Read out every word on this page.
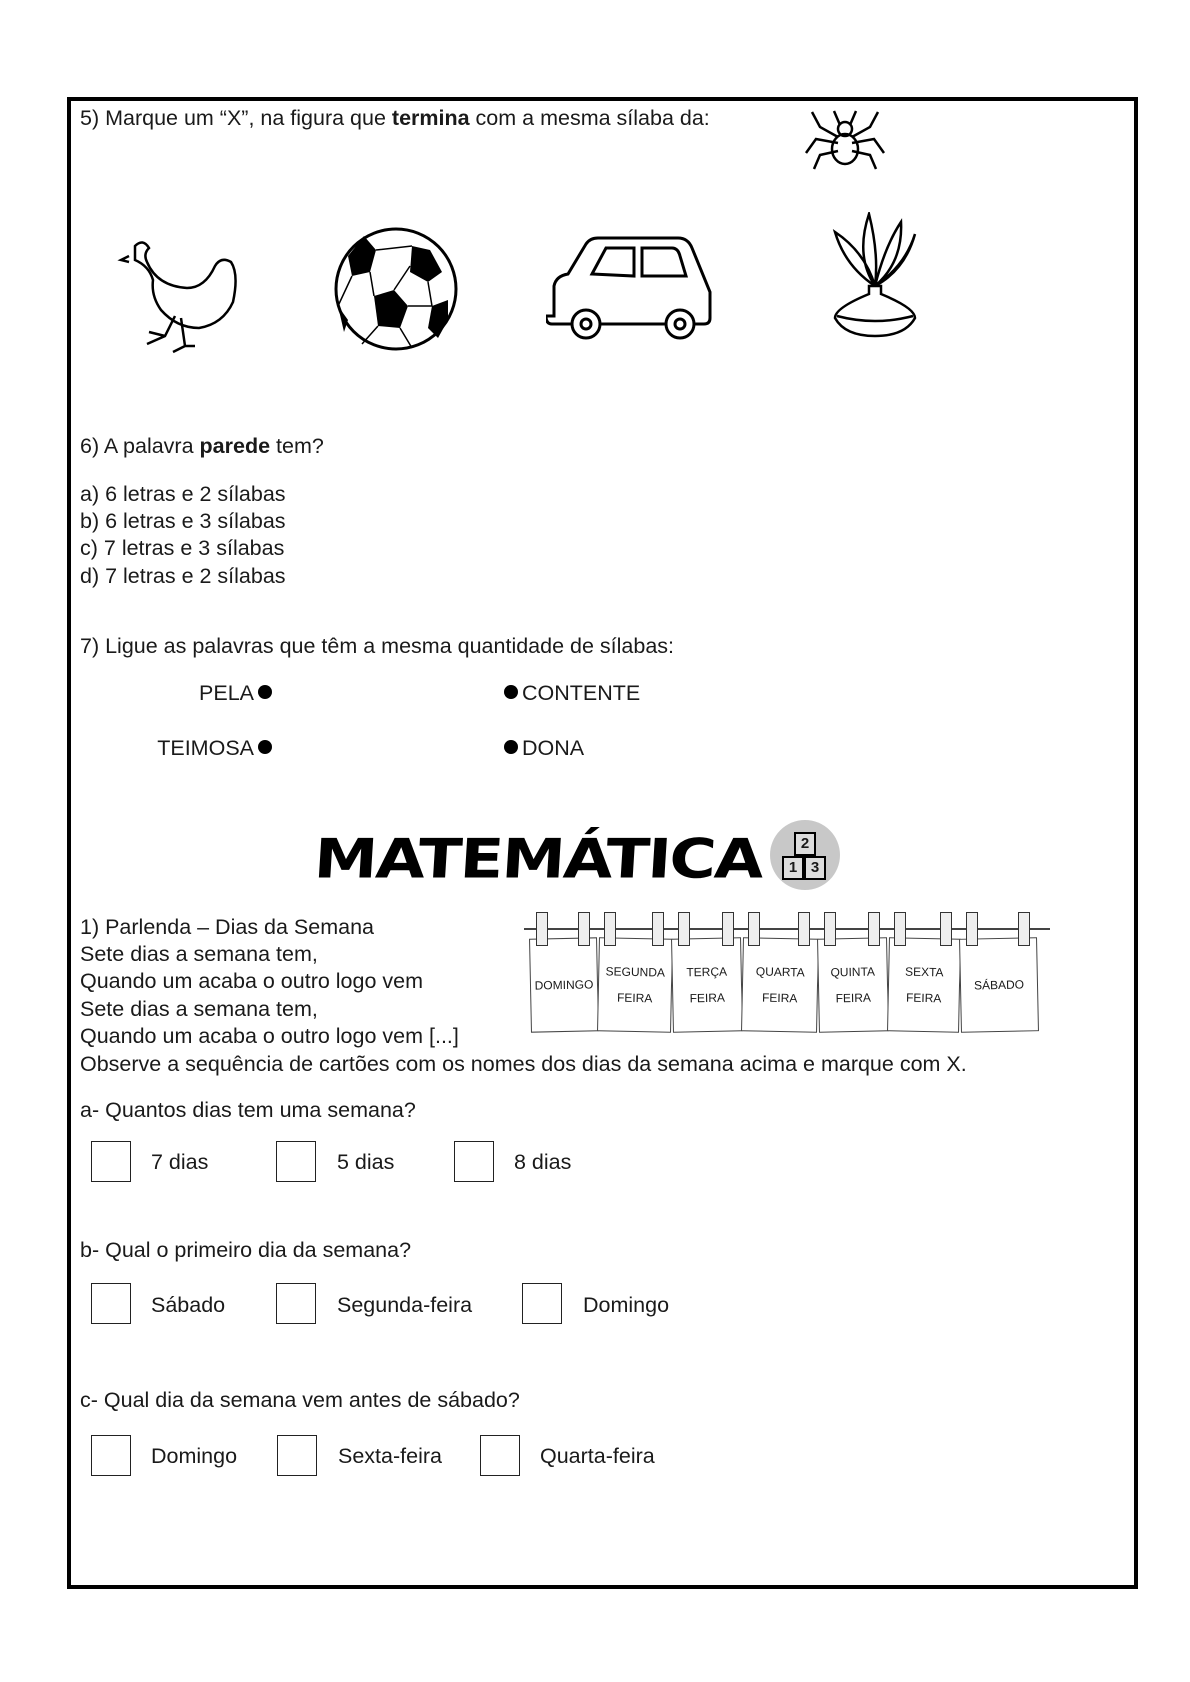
5) Marque um “X”, na figura que termina com a mesma sílaba da:
6) A palavra parede tem?
a) 6 letras e 2 sílabas
b) 6 letras e 3 sílabas
c) 7 letras e 3 sílabas
d) 7 letras e 2 sílabas
7) Ligue as palavras que têm a mesma quantidade de sílabas:
PELA	CONTENTE
TEIMOSA	DONA
MATEMÁTICA	2
1 3
1) Parlenda – Dias da Semana
Sete dias a semana tem,
Quando um acaba o outro logo vem
Sete dias a semana tem,
Quando um acaba o outro logo vem [...]
Observe a sequência de cartões com os nomes dos dias da semana acima e marque com X.
DOMINGO
SEGUNDA

FEIRA
TERÇA

FEIRA
QUARTA

FEIRA
QUINTA

FEIRA
SEXTA

FEIRA
SÁBADO
a- Quantos dias tem uma semana?
7 dias	5 dias	8 dias
b- Qual o primeiro dia da semana?
Sábado	Segunda-feira	Domingo
c- Qual dia da semana vem antes de sábado?
Domingo	Sexta-feira	Quarta-feira
